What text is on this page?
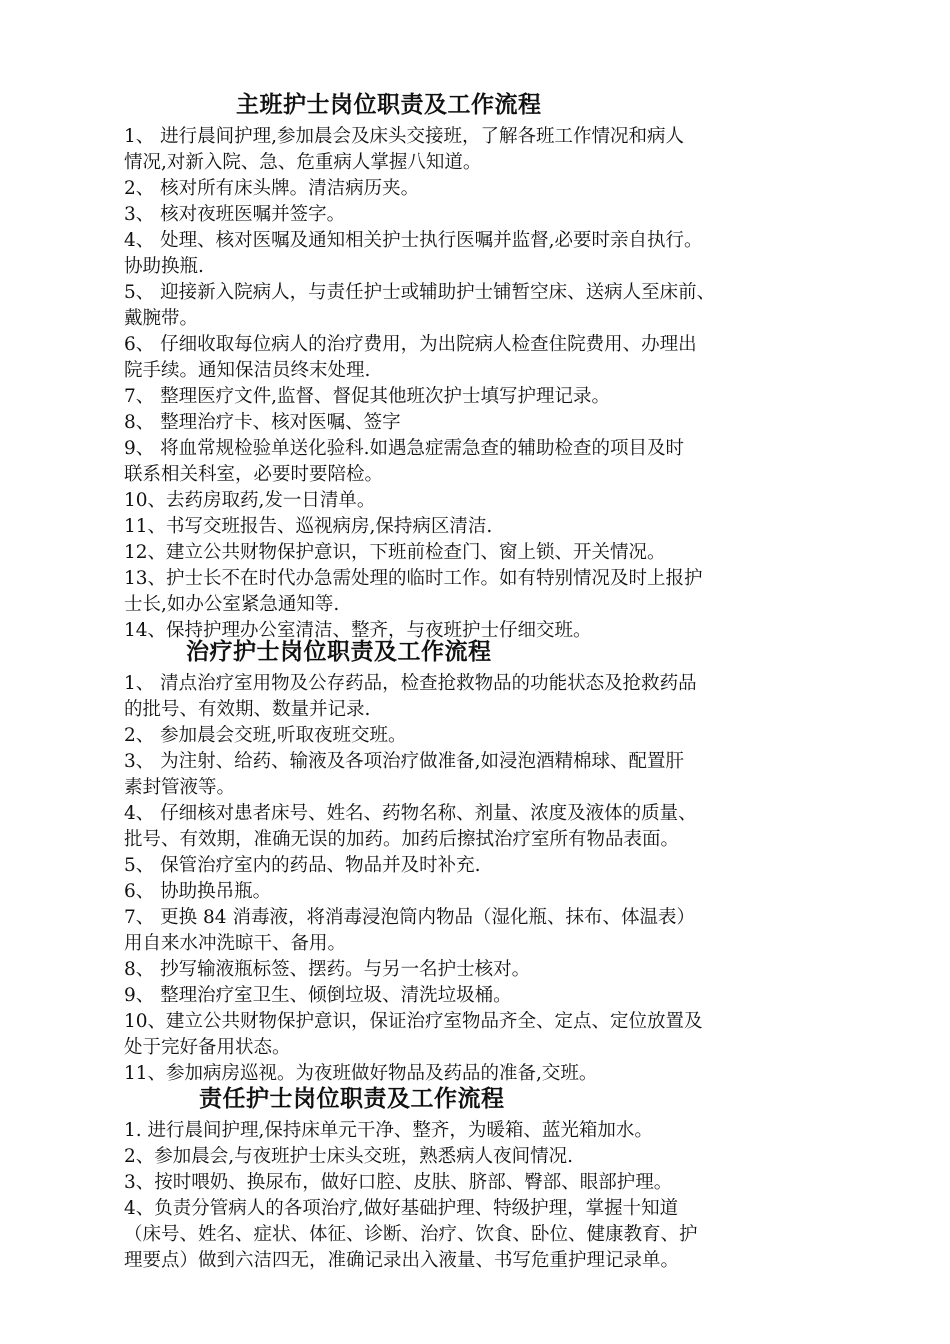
主班护士岗位职责及工作流程
1、 进行晨间护理,参加晨会及床头交接班，了解各班工作情况和病人
情况,对新入院、急、危重病人掌握八知道。
2、 核对所有床头牌。清洁病历夹。
3、 核对夜班医嘱并签字。
4、 处理、核对医嘱及通知相关护士执行医嘱并监督,必要时亲自执行。
协助换瓶.
5、 迎接新入院病人，与责任护士或辅助护士铺暂空床、送病人至床前、
戴腕带。
6、 仔细收取每位病人的治疗费用，为出院病人检查住院费用、办理出
院手续。通知保洁员终末处理.
7、 整理医疗文件,监督、督促其他班次护士填写护理记录。
8、 整理治疗卡、核对医嘱、签字
9、 将血常规检验单送化验科.如遇急症需急查的辅助检查的项目及时
联系相关科室，必要时要陪检。
10、去药房取药,发一日清单。
11、书写交班报告、巡视病房,保持病区清洁.
12、建立公共财物保护意识，下班前检查门、窗上锁、开关情况。
13、护士长不在时代办急需处理的临时工作。如有特别情况及时上报护
士长,如办公室紧急通知等.
14、保持护理办公室清洁、整齐，与夜班护士仔细交班。
治疗护士岗位职责及工作流程
1、 清点治疗室用物及公存药品，检查抢救物品的功能状态及抢救药品
的批号、有效期、数量并记录.
2、 参加晨会交班,听取夜班交班。
3、 为注射、给药、输液及各项治疗做准备,如浸泡酒精棉球、配置肝
素封管液等。
4、 仔细核对患者床号、姓名、药物名称、剂量、浓度及液体的质量、
批号、有效期，准确无误的加药。加药后擦拭治疗室所有物品表面。
5、 保管治疗室内的药品、物品并及时补充.
6、 协助换吊瓶。
7、 更换 84 消毒液，将消毒浸泡筒内物品（湿化瓶、抹布、体温表）
用自来水冲洗晾干、备用。
8、 抄写输液瓶标签、摆药。与另一名护士核对。
9、 整理治疗室卫生、倾倒垃圾、清洗垃圾桶。
10、建立公共财物保护意识，保证治疗室物品齐全、定点、定位放置及
处于完好备用状态。
11、参加病房巡视。为夜班做好物品及药品的准备,交班。
责任护士岗位职责及工作流程
1. 进行晨间护理,保持床单元干净、整齐，为暖箱、蓝光箱加水。
2、参加晨会,与夜班护士床头交班，熟悉病人夜间情况.
3、按时喂奶、换尿布，做好口腔、皮肤、脐部、臀部、眼部护理。
4、负责分管病人的各项治疗,做好基础护理、特级护理，掌握十知道
（床号、姓名、症状、体征、诊断、治疗、饮食、卧位、健康教育、护
理要点）做到六洁四无，准确记录出入液量、书写危重护理记录单。
